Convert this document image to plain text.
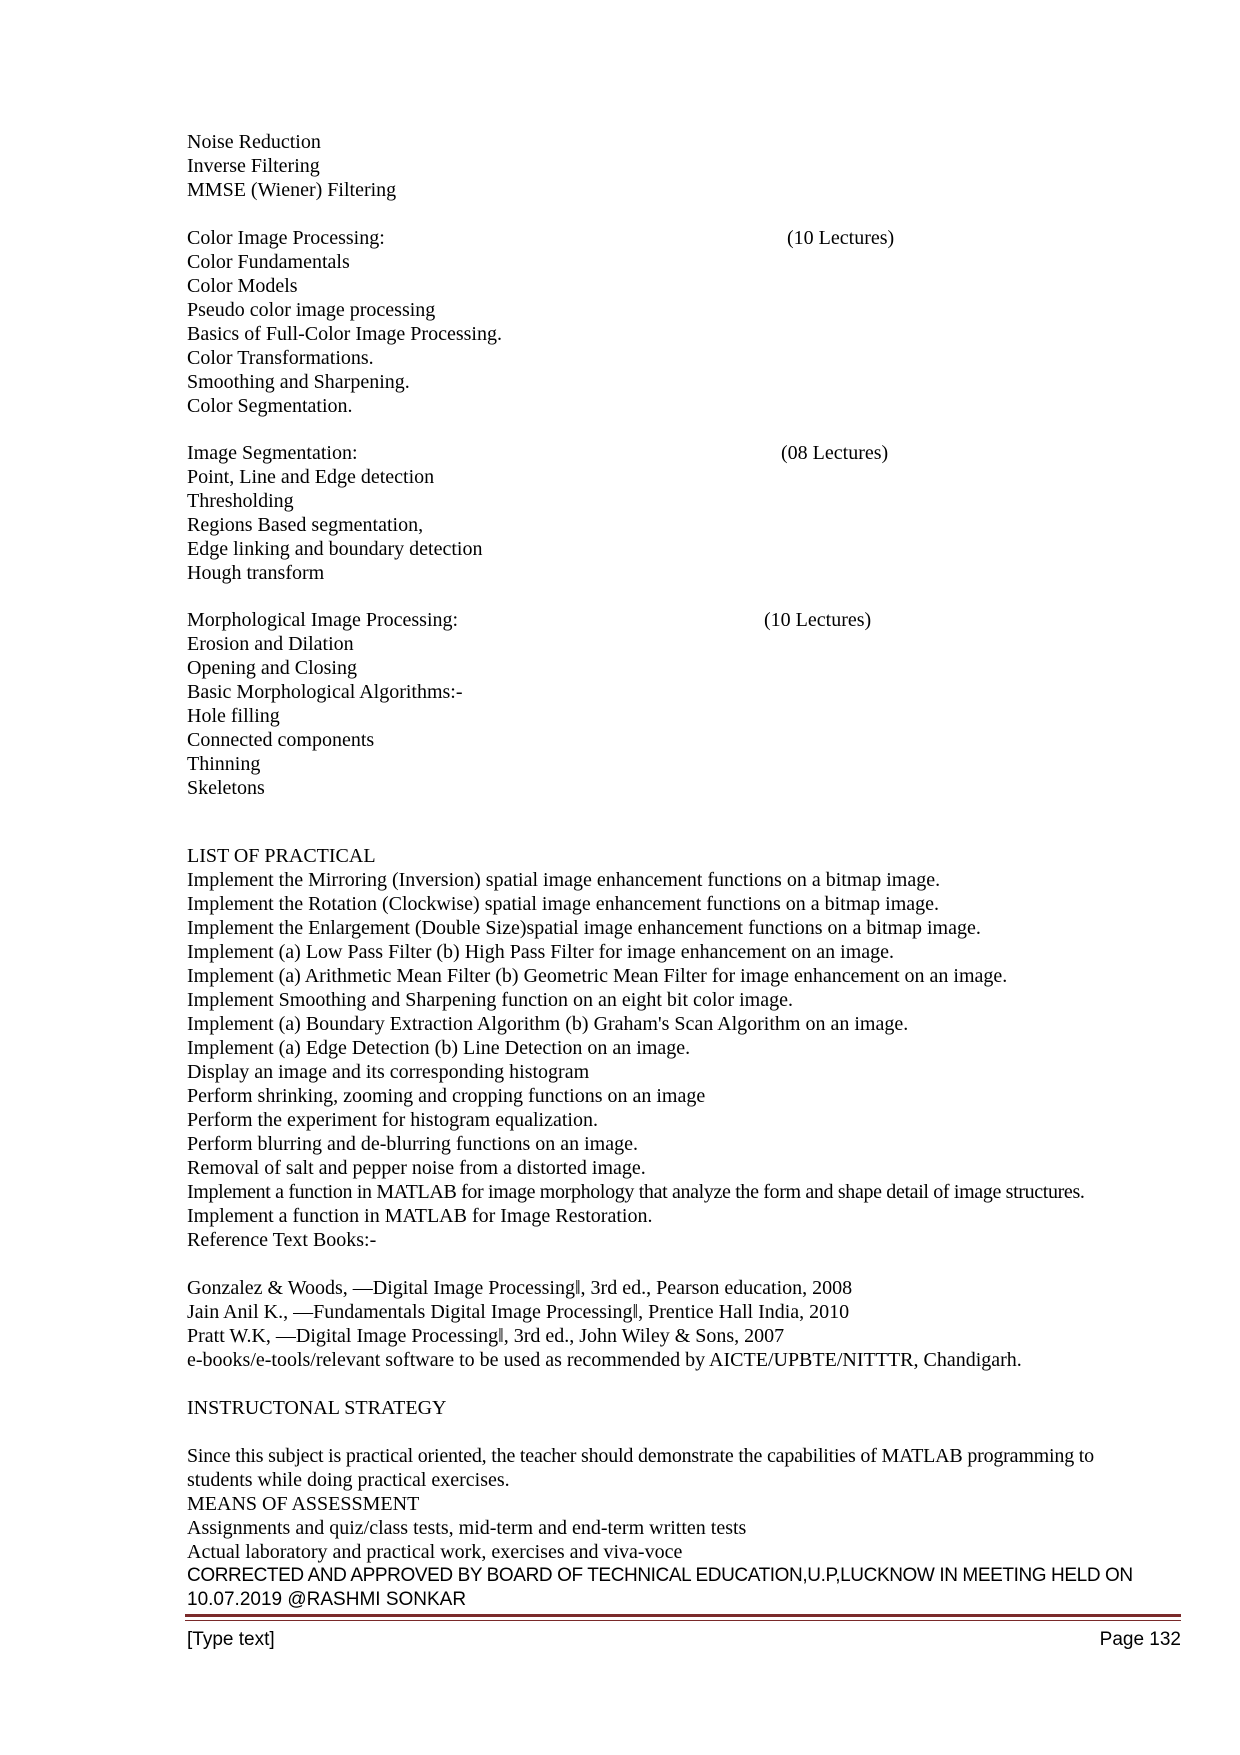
Noise Reduction
Inverse Filtering
MMSE (Wiener) Filtering
Color Image Processing:	(10 Lectures)
Color Fundamentals
Color Models
Pseudo color image processing
Basics of Full-Color Image Processing.
Color Transformations.
Smoothing and Sharpening.
Color Segmentation.
Image Segmentation:	(08 Lectures)
Point, Line and Edge detection
Thresholding
Regions Based segmentation,
Edge linking and boundary detection
Hough transform
Morphological Image Processing:	(10 Lectures)
Erosion and Dilation
Opening and Closing
Basic Morphological Algorithms:-
Hole filling
Connected components
Thinning
Skeletons
LIST OF PRACTICAL
Implement the Mirroring (Inversion) spatial image enhancement functions on a bitmap image.
Implement the Rotation (Clockwise) spatial image enhancement functions on a bitmap image.
Implement the Enlargement (Double Size)spatial image enhancement functions on a bitmap image.
Implement (a) Low Pass Filter (b) High Pass Filter for image enhancement on an image.
Implement (a) Arithmetic Mean Filter (b) Geometric Mean Filter for image enhancement on an image.
Implement Smoothing and Sharpening function on an eight bit color image.
Implement (a) Boundary Extraction Algorithm (b) Graham's Scan Algorithm on an image.
Implement (a) Edge Detection (b) Line Detection on an image.
Display an image and its corresponding histogram
Perform shrinking, zooming and cropping functions on an image
Perform the experiment for histogram equalization.
Perform blurring and de-blurring functions on an image.
Removal of salt and pepper noise from a distorted image.
Implement a function in MATLAB for image morphology that analyze the form and shape detail of image structures.
Implement a function in MATLAB for Image Restoration.
Reference Text Books:-
Gonzalez & Woods, ―Digital Image Processing‖, 3rd ed., Pearson education, 2008
Jain Anil K., ―Fundamentals Digital Image Processing‖, Prentice Hall India, 2010
Pratt W.K, ―Digital Image Processing‖, 3rd ed., John Wiley & Sons, 2007
e-books/e-tools/relevant software to be used as recommended by AICTE/UPBTE/NITTTR, Chandigarh.
INSTRUCTONAL STRATEGY
Since this subject is practical oriented, the teacher should demonstrate the capabilities of MATLAB programming to
students while doing practical exercises.
MEANS OF ASSESSMENT
Assignments and quiz/class tests, mid-term and end-term written tests
Actual laboratory and practical work, exercises and viva-voce
CORRECTED AND APPROVED BY BOARD OF TECHNICAL EDUCATION,U.P,LUCKNOW IN MEETING HELD ON
10.07.2019 @RASHMI SONKAR
[Type text]	Page 132
